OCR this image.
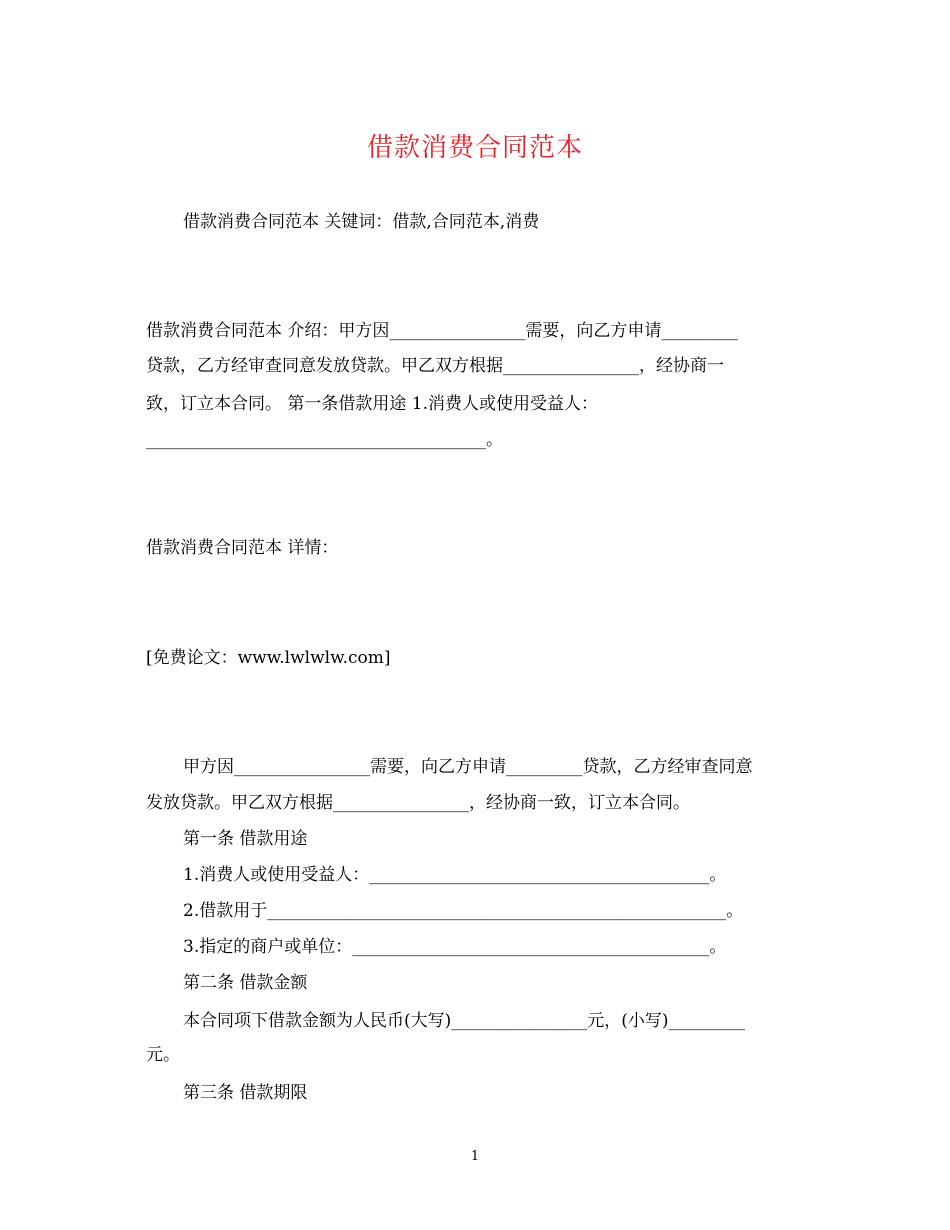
借款消费合同范本
借款消费合同范本 关键词：借款,合同范本,消费
借款消费合同范本 介绍：甲方因________________需要，向乙方申请_________
贷款，乙方经审查同意发放贷款。甲乙双方根据________________，经协商一
致，订立本合同。 第一条借款用途 1.消费人或使用受益人：
________________________________________。
借款消费合同范本 详情：
[免费论文：www.lwlwlw.com]
甲方因________________需要，向乙方申请_________贷款，乙方经审查同意
发放贷款。甲乙双方根据________________，经协商一致，订立本合同。
第一条 借款用途
1.消费人或使用受益人：________________________________________。
2.借款用于______________________________________________________。
3.指定的商户或单位：__________________________________________。
第二条 借款金额
本合同项下借款金额为人民币(大写)________________元，(小写)_________
元。
第三条 借款期限
1
